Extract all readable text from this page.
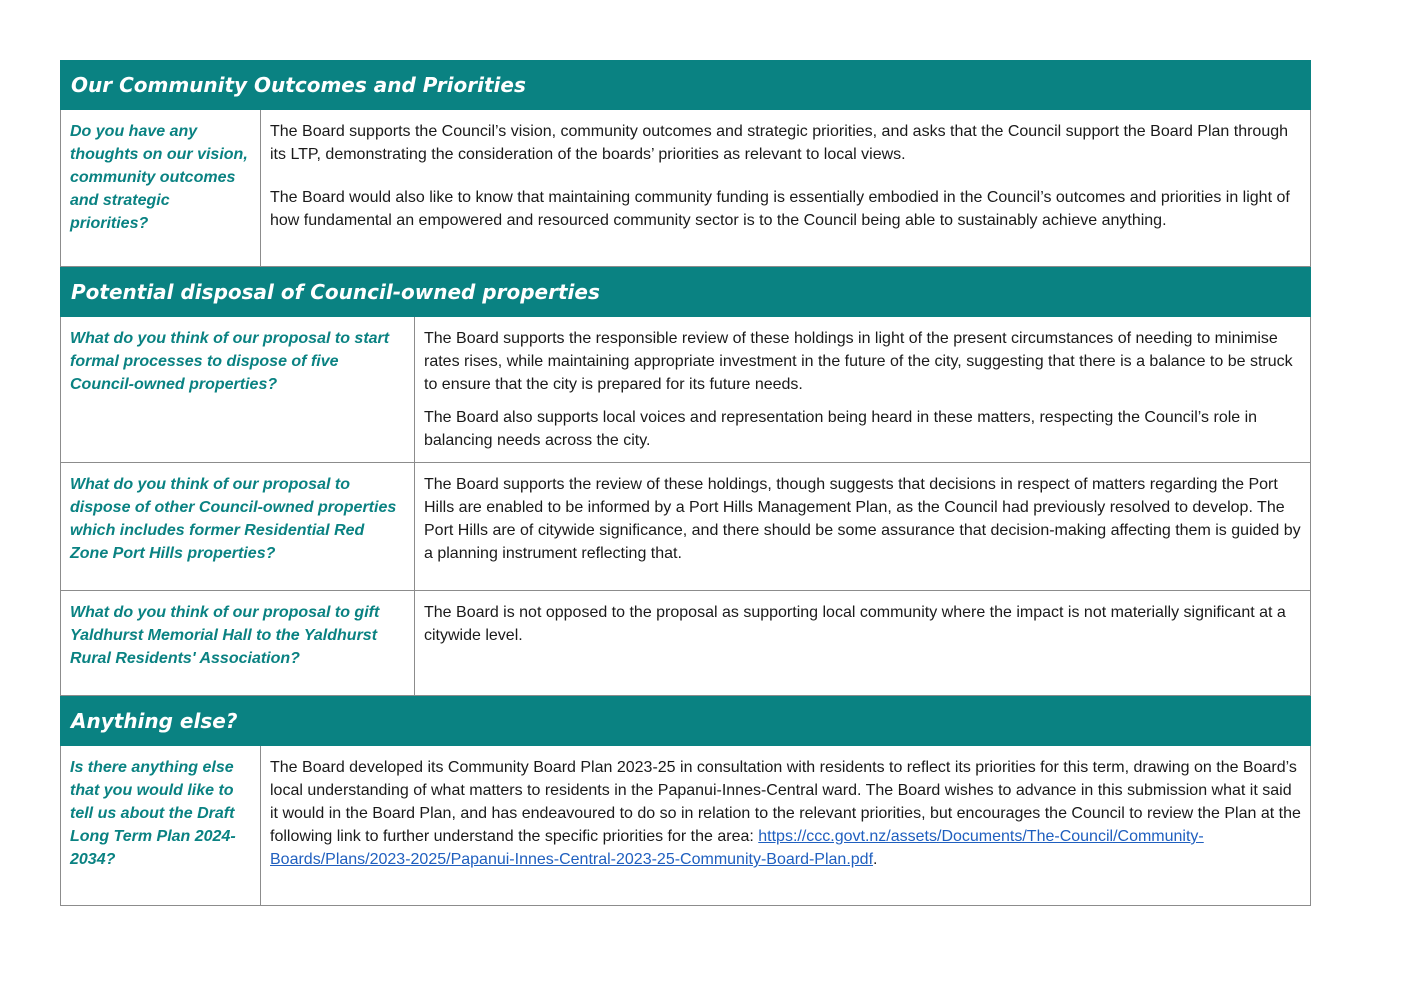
Our Community Outcomes and Priorities
Do you have any thoughts on our vision, community outcomes and strategic priorities?

The Board supports the Council’s vision, community outcomes and strategic priorities, and asks that the Council support the Board Plan through its LTP, demonstrating the consideration of the boards’ priorities as relevant to local views.

The Board would also like to know that maintaining community funding is essentially embodied in the Council’s outcomes and priorities in light of how fundamental an empowered and resourced community sector is to the Council being able to sustainably achieve anything.

Potential disposal of Council-owned properties
What do you think of our proposal to start formal processes to dispose of five Council-owned properties?

The Board supports the responsible review of these holdings in light of the present circumstances of needing to minimise rates rises, while maintaining appropriate investment in the future of the city, suggesting that there is a balance to be struck to ensure that the city is prepared for its future needs.

The Board also supports local voices and representation being heard in these matters, respecting the Council’s role in balancing needs across the city.

What do you think of our proposal to dispose of other Council-owned properties which includes former Residential Red Zone Port Hills properties?

The Board supports the review of these holdings, though suggests that decisions in respect of matters regarding the Port Hills are enabled to be informed by a Port Hills Management Plan, as the Council had previously resolved to develop. The Port Hills are of citywide significance, and there should be some assurance that decision-making affecting them is guided by a planning instrument reflecting that.

What do you think of our proposal to gift Yaldhurst Memorial Hall to the Yaldhurst Rural Residents' Association?

The Board is not opposed to the proposal as supporting local community where the impact is not materially significant at a citywide level.

Anything else?
Is there anything else that you would like to tell us about the Draft Long Term Plan 2024-2034?

The Board developed its Community Board Plan 2023-25 in consultation with residents to reflect its priorities for this term, drawing on the Board’s local understanding of what matters to residents in the Papanui-Innes-Central ward. The Board wishes to advance in this submission what it said it would in the Board Plan, and has endeavoured to do so in relation to the relevant priorities, but encourages the Council to review the Plan at the following link to further understand the specific priorities for the area: https://ccc.govt.nz/assets/Documents/The-Council/Community-Boards/Plans/2023-2025/Papanui-Innes-Central-2023-25-Community-Board-Plan.pdf.
